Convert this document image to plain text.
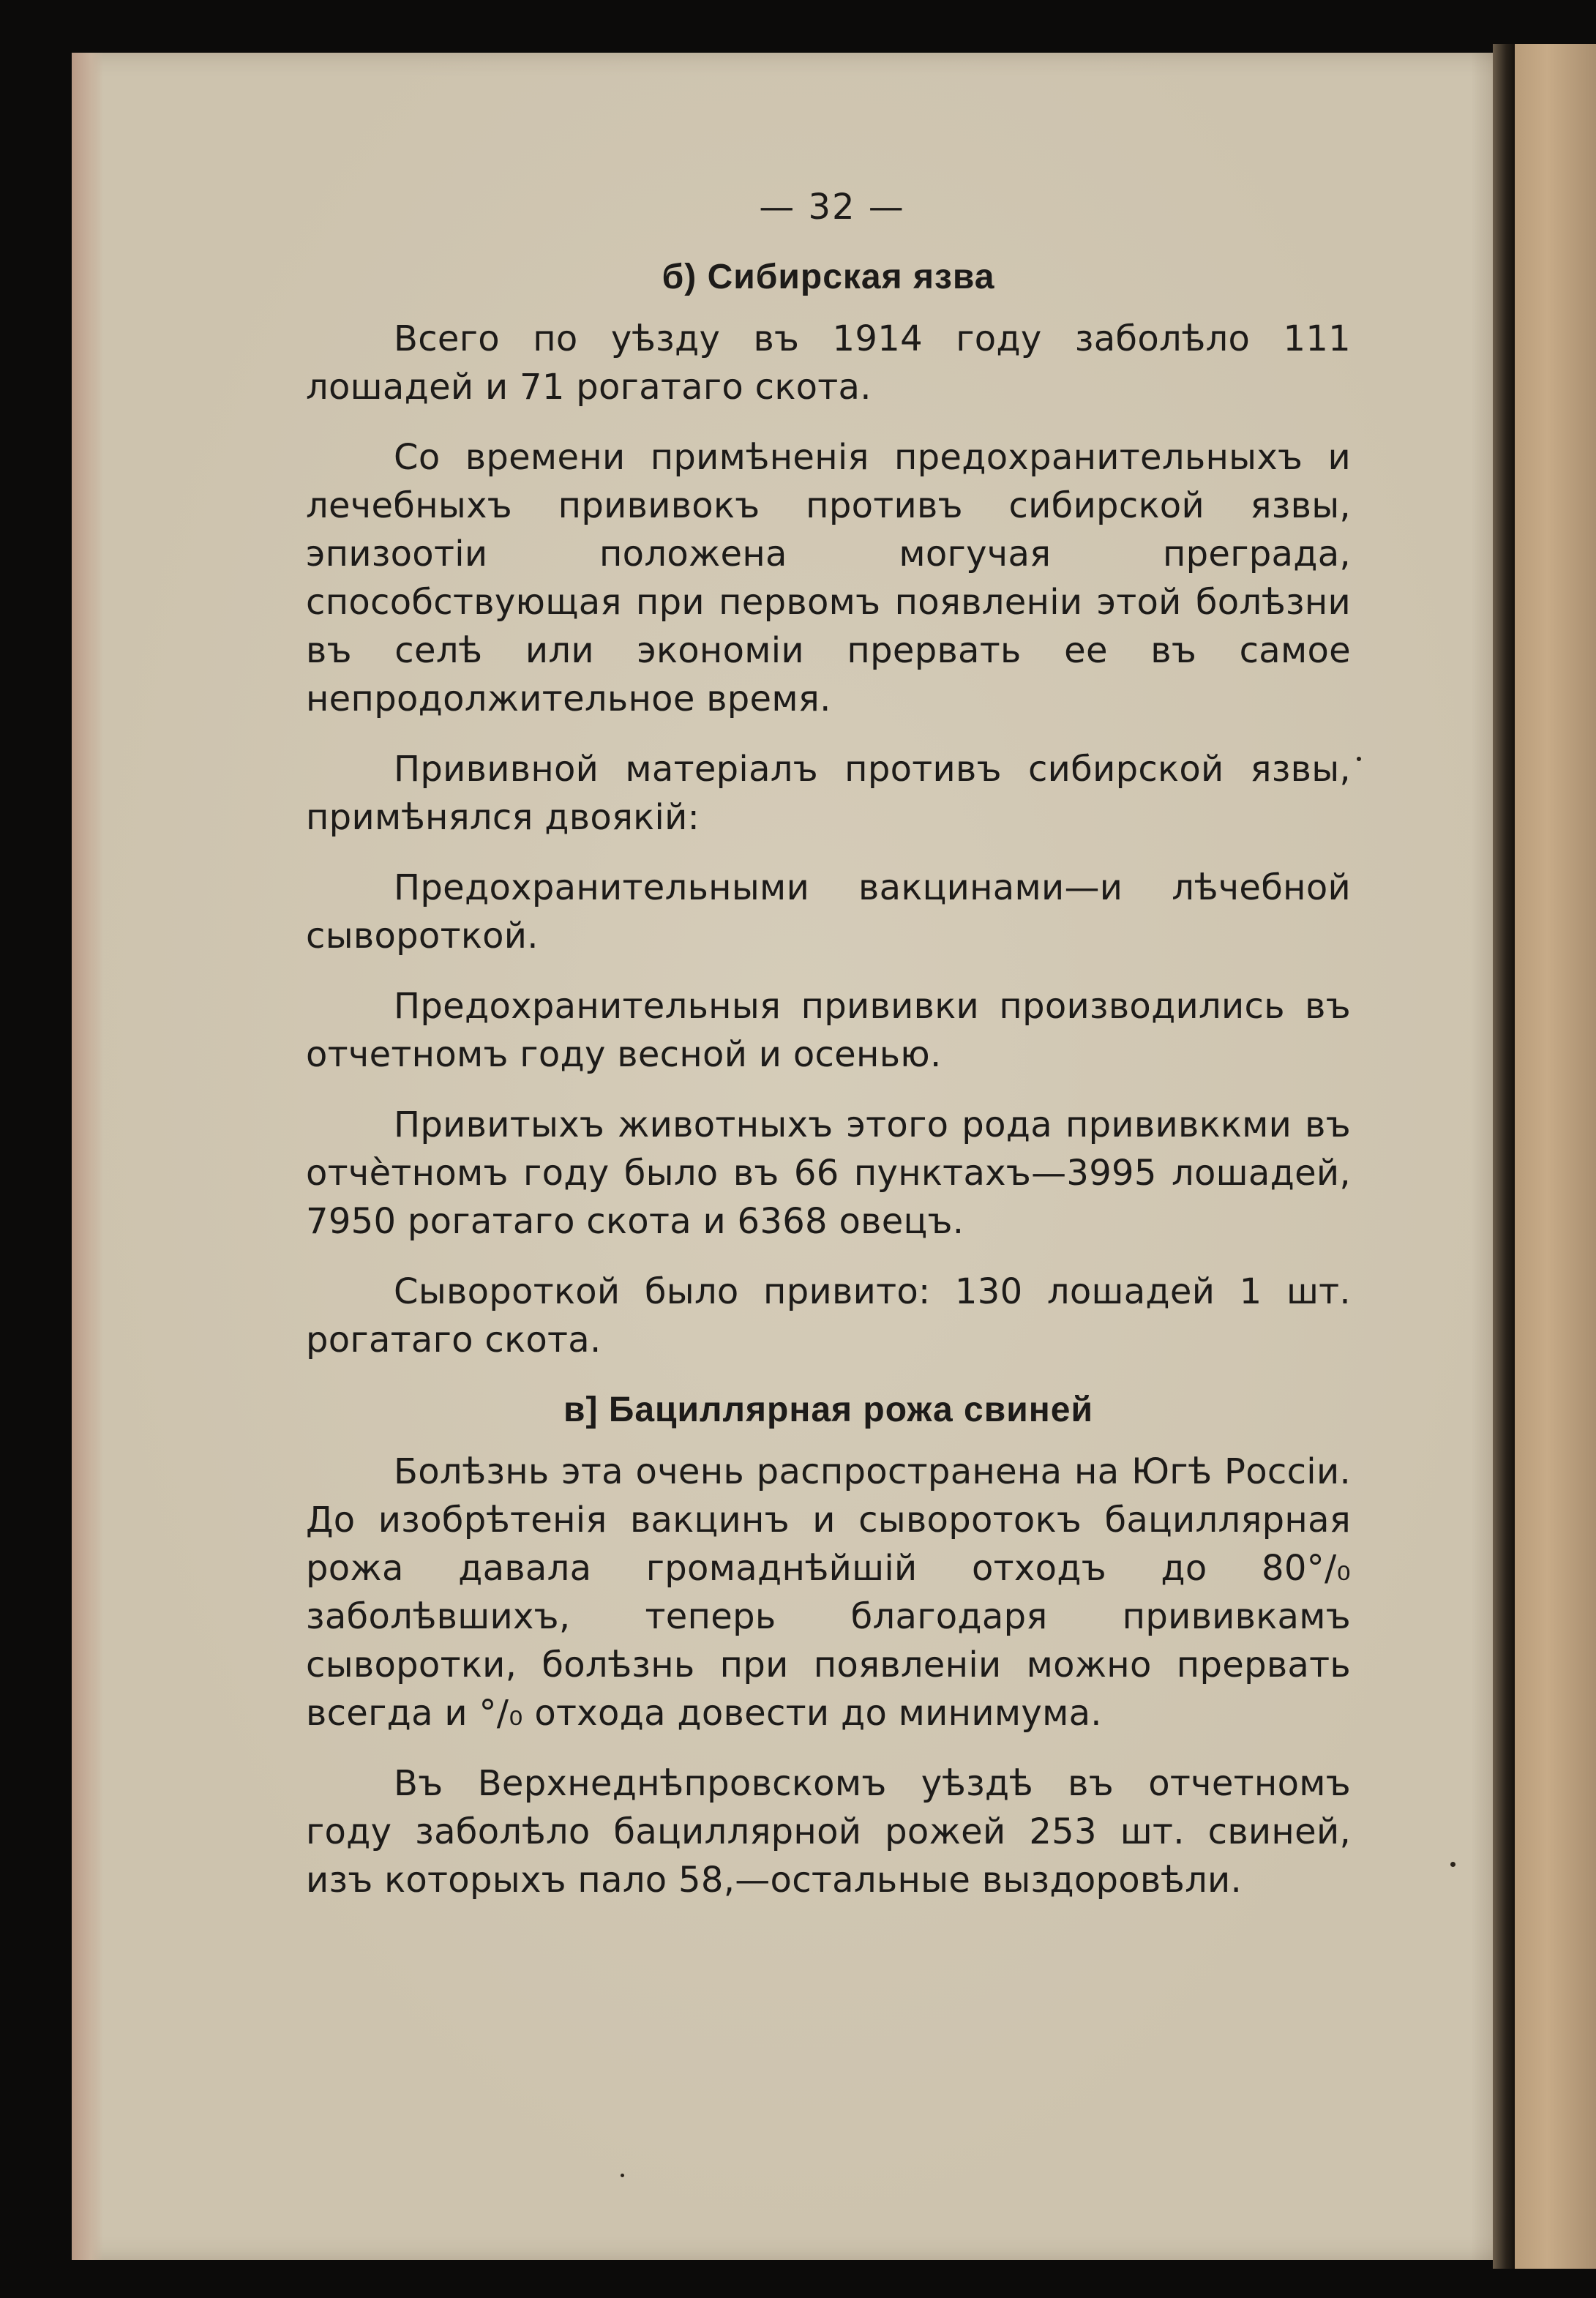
— 32 —
б) Сибирская язва

Всего по уѣзду въ 1914 году заболѣло 111 лошадей и 71 рогатаго скота.

Со времени примѣненія предохранительныхъ и лечебныхъ прививокъ противъ сибирской язвы, эпизоотіи положена могучая преграда, способствующая при первомъ появленіи этой болѣзни въ селѣ или экономіи прервать ее въ самое непродолжительное время.

Прививной матеріалъ противъ сибирской язвы, примѣнялся двоякій:

Предохранительными вакцинами—и лѣчебной сывороткой.

Предохранительныя прививки производились въ отчетномъ году весной и осенью.

Привитыхъ животныхъ этого рода прививккми въ отчѐтномъ году было въ 66 пунктахъ—3995 лошадей, 7950 рогатаго скота и 6368 овецъ.

Сывороткой было привито: 130 лошадей 1 шт. рогатаго скота.

в] Бациллярная рожа свиней

Болѣзнь эта очень распространена на Югѣ Россіи. До изобрѣтенія вакцинъ и сыворотокъ бациллярная рожа давала громаднѣйшій отходъ до 80°/₀ заболѣвшихъ, теперь благодаря прививкамъ сыворотки, болѣзнь при появленіи можно прервать всегда и °/₀ отхода довести до минимума.

Въ Верхнеднѣпровскомъ уѣздѣ въ отчетномъ году заболѣло бациллярной рожей 253 шт. свиней, изъ которыхъ пало 58,—остальные выздоровѣли.
